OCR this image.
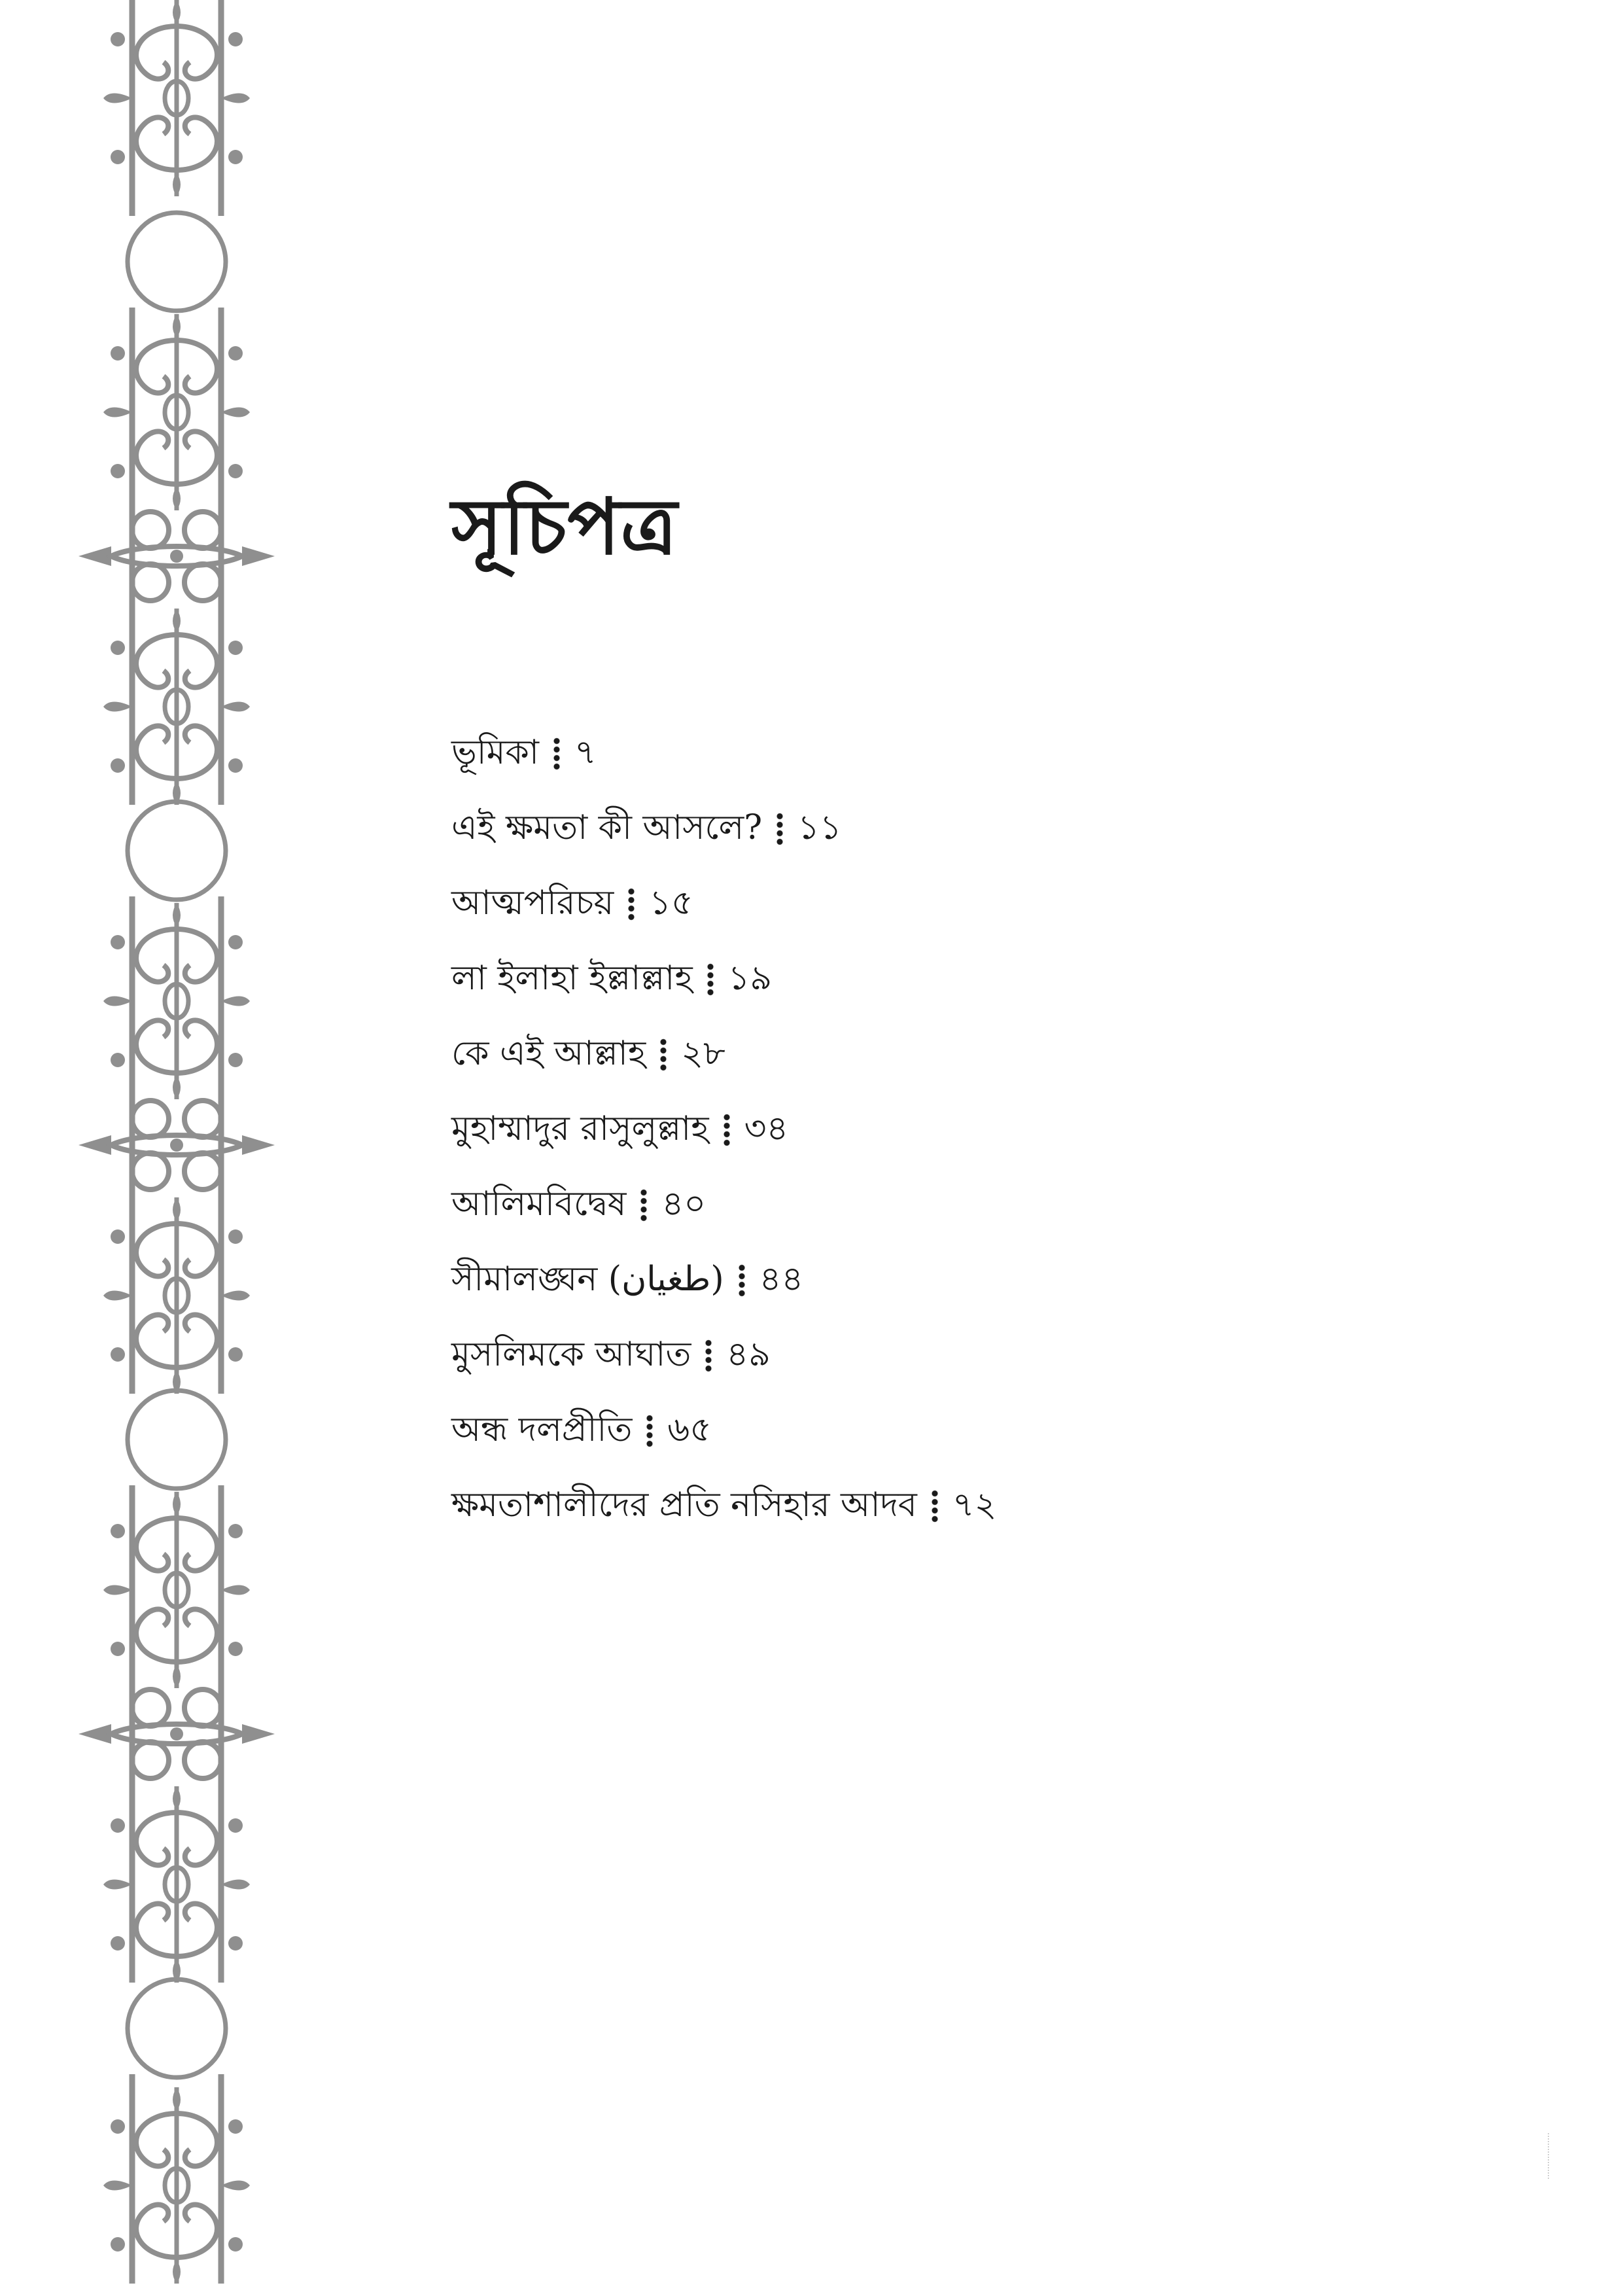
সূচিপত্র
ভূমিকা ৭
এই ক্ষমতা কী আসলে? ১১
আত্মপরিচয় ১৫
লা ইলাহা ইল্লাল্লাহ ১৯
কে এই আল্লাহ ২৮
মুহাম্মাদুর রাসুলুল্লাহ ৩৪
আলিমবিদ্বেষ ৪০
সীমালঙ্ঘন (طغيان) ৪৪
মুসলিমকে আঘাত ৪৯
অন্ধ দলপ্রীতি ৬৫
ক্ষমতাশালীদের প্রতি নসিহার আদব ৭২
